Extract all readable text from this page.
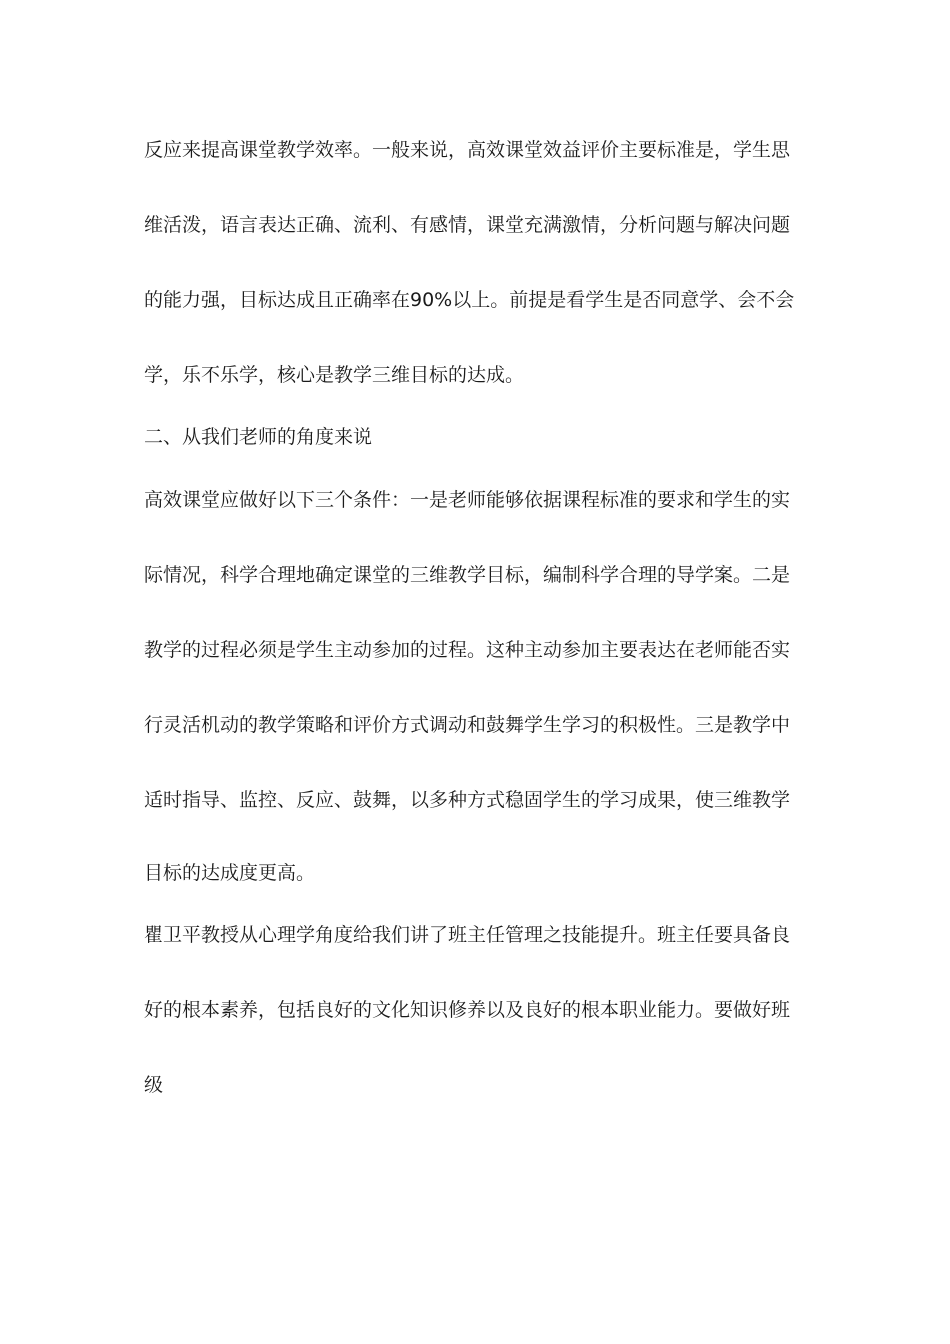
反应来提高课堂教学效率。一般来说，高效课堂效益评价主要标准是，学生思
维活泼，语言表达正确、流利、有感情，课堂充满激情，分析问题与解决问题
的能力强，目标达成且正确率在90%以上。前提是看学生是否同意学、会不会
学，乐不乐学，核心是教学三维目标的达成。
二、从我们老师的角度来说
高效课堂应做好以下三个条件：一是老师能够依据课程标准的要求和学生的实
际情况，科学合理地确定课堂的三维教学目标，编制科学合理的导学案。二是
教学的过程必须是学生主动参加的过程。这种主动参加主要表达在老师能否实
行灵活机动的教学策略和评价方式调动和鼓舞学生学习的积极性。三是教学中
适时指导、监控、反应、鼓舞，以多种方式稳固学生的学习成果，使三维教学
目标的达成度更高。
瞿卫平教授从心理学角度给我们讲了班主任管理之技能提升。班主任要具备良
好的根本素养，包括良好的文化知识修养以及良好的根本职业能力。要做好班
级
